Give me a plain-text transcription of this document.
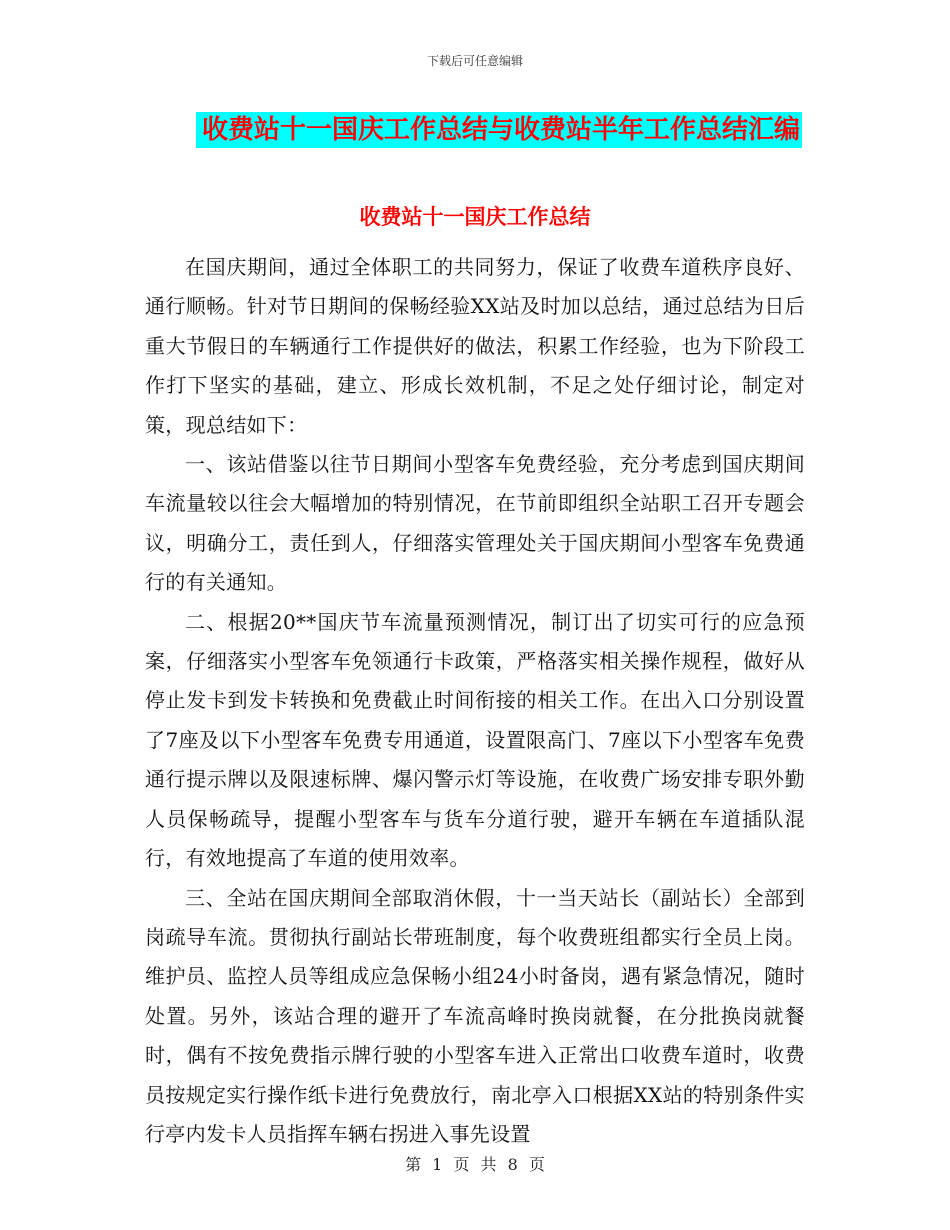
下载后可任意编辑
收费站十一国庆工作总结与收费站半年工作总结汇编
收费站十一国庆工作总结

在国庆期间，通过全体职工的共同努力，保证了收费车道秩序良好、通行顺畅。针对节日期间的保畅经验XX站及时加以总结，通过总结为日后重大节假日的车辆通行工作提供好的做法，积累工作经验，也为下阶段工作打下坚实的基础，建立、形成长效机制，不足之处仔细讨论，制定对策，现总结如下：

一、该站借鉴以往节日期间小型客车免费经验，充分考虑到国庆期间车流量较以往会大幅增加的特别情况，在节前即组织全站职工召开专题会议，明确分工，责任到人，仔细落实管理处关于国庆期间小型客车免费通行的有关通知。

二、根据20**国庆节车流量预测情况，制订出了切实可行的应急预案，仔细落实小型客车免领通行卡政策，严格落实相关操作规程，做好从停止发卡到发卡转换和免费截止时间衔接的相关工作。在出入口分别设置了7座及以下小型客车免费专用通道，设置限高门、7座以下小型客车免费通行提示牌以及限速标牌、爆闪警示灯等设施，在收费广场安排专职外勤人员保畅疏导，提醒小型客车与货车分道行驶，避开车辆在车道插队混行，有效地提高了车道的使用效率。

三、全站在国庆期间全部取消休假，十一当天站长（副站长）全部到岗疏导车流。贯彻执行副站长带班制度，每个收费班组都实行全员上岗。维护员、监控人员等组成应急保畅小组24小时备岗，遇有紧急情况，随时处置。另外，该站合理的避开了车流高峰时换岗就餐，在分批换岗就餐时，偶有不按免费指示牌行驶的小型客车进入正常出口收费车道时，收费员按规定实行操作纸卡进行免费放行，南北亭入口根据XX站的特别条件实行亭内发卡人员指挥车辆右拐进入事先设置

第 1 页 共 8 页
